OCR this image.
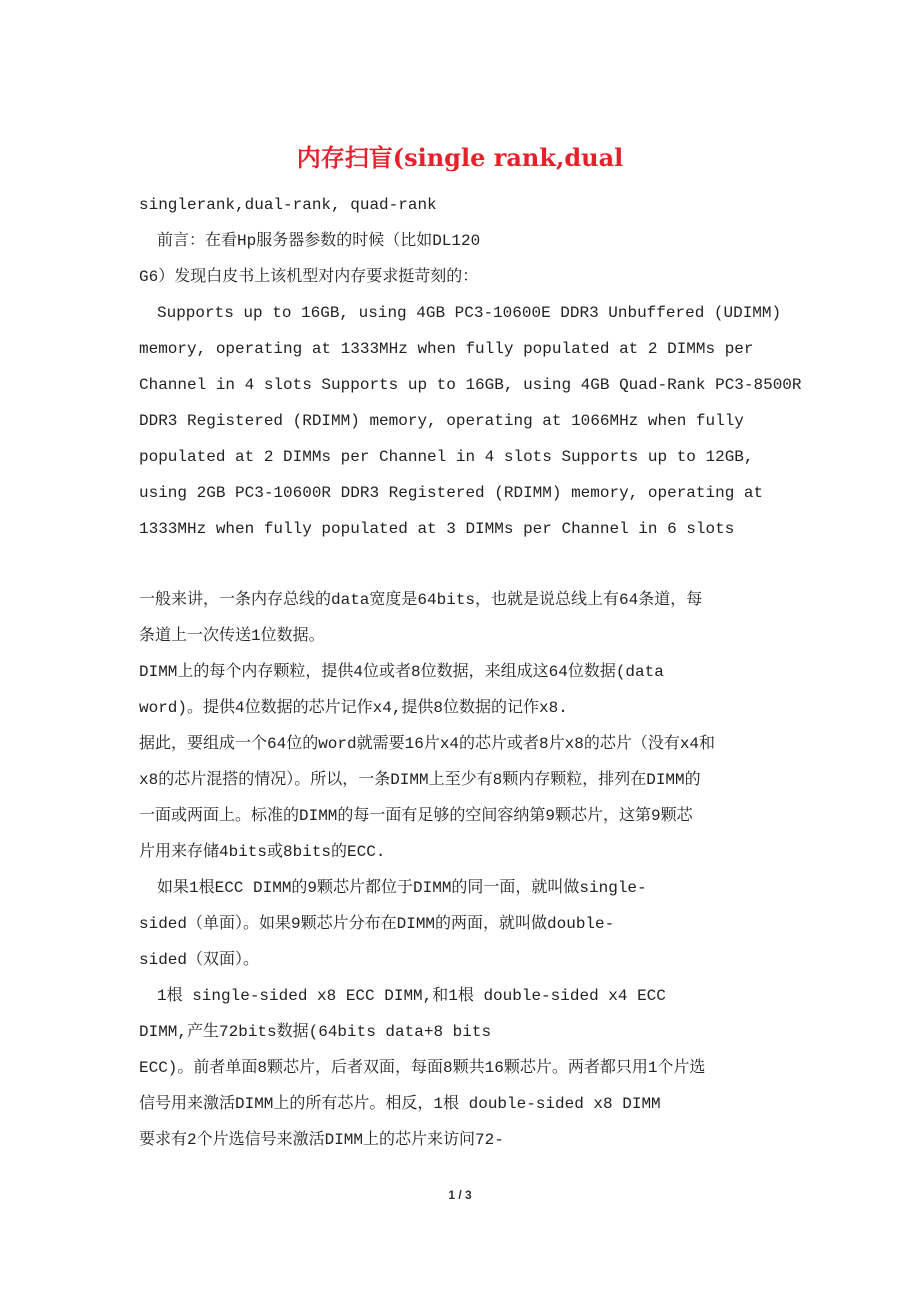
内存扫盲(single rank,dual
singlerank,dual-rank, quad-rank
前言：在看Hp服务器参数的时候（比如DL120
G6）发现白皮书上该机型对内存要求挺苛刻的：
Supports up to 16GB, using 4GB PC3-10600E DDR3 Unbuffered (UDIMM)
memory, operating at 1333MHz when fully populated at 2 DIMMs per
Channel in 4 slots Supports up to 16GB, using 4GB Quad-Rank PC3-8500R
DDR3 Registered (RDIMM) memory, operating at 1066MHz when fully
populated at 2 DIMMs per Channel in 4 slots Supports up to 12GB,
using 2GB PC3-10600R DDR3 Registered (RDIMM) memory, operating at
1333MHz when fully populated at 3 DIMMs per Channel in 6 slots
一般来讲，一条内存总线的data宽度是64bits，也就是说总线上有64条道，每
条道上一次传送1位数据。
DIMM上的每个内存颗粒，提供4位或者8位数据，来组成这64位数据(data
word)。提供4位数据的芯片记作x4,提供8位数据的记作x8.
据此，要组成一个64位的word就需要16片x4的芯片或者8片x8的芯片（没有x4和
x8的芯片混搭的情况）。所以，一条DIMM上至少有8颗内存颗粒，排列在DIMM的
一面或两面上。标准的DIMM的每一面有足够的空间容纳第9颗芯片，这第9颗芯
片用来存储4bits或8bits的ECC.
如果1根ECC DIMM的9颗芯片都位于DIMM的同一面，就叫做single-
sided（单面）。如果9颗芯片分布在DIMM的两面，就叫做double-
sided（双面）。
1根 single-sided x8 ECC DIMM,和1根 double-sided x4 ECC
DIMM,产生72bits数据(64bits data+8 bits
ECC)。前者单面8颗芯片，后者双面，每面8颗共16颗芯片。两者都只用1个片选
信号用来激活DIMM上的所有芯片。相反，1根 double-sided x8 DIMM
要求有2个片选信号来激活DIMM上的芯片来访问72-
1 / 3
